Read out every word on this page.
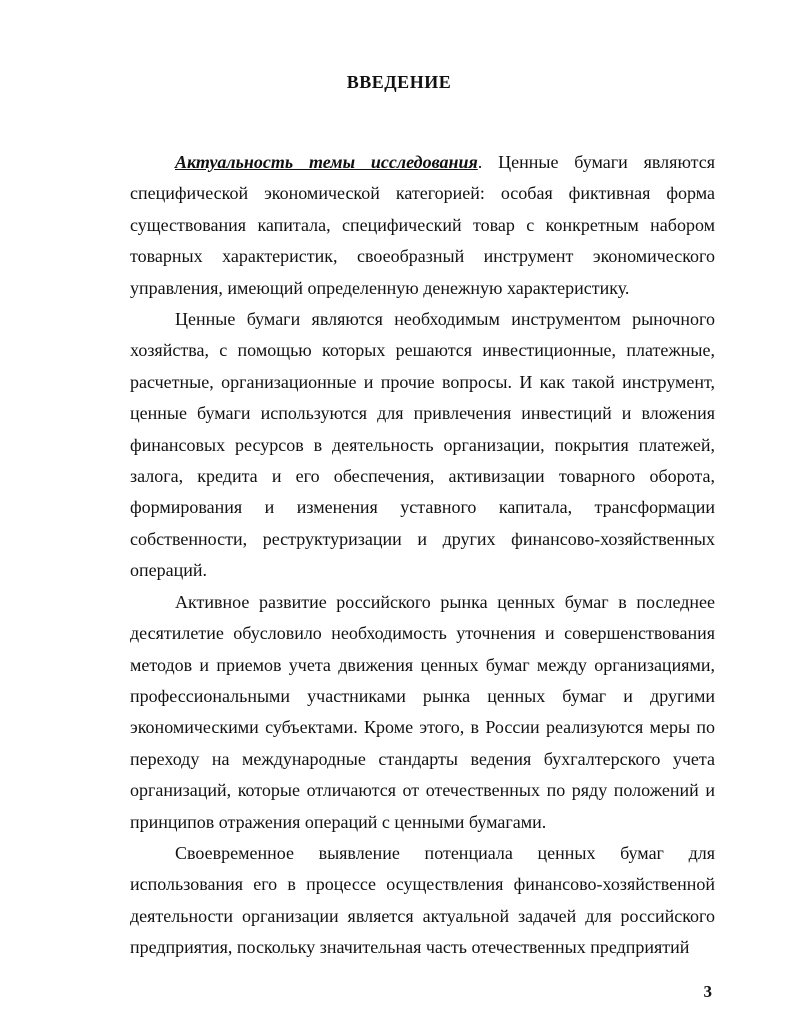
ВВЕДЕНИЕ

Актуальность темы исследования. Ценные бумаги являются специфической экономической категорией: особая фиктивная форма существования капитала, специфический товар с конкретным набором товарных характеристик, своеобразный инструмент экономического управления, имеющий определенную денежную характеристику.

Ценные бумаги являются необходимым инструментом рыночного хозяйства, с помощью которых решаются инвестиционные, платежные, расчетные, организационные и прочие вопросы. И как такой инструмент, ценные бумаги используются для привлечения инвестиций и вложения финансовых ресурсов в деятельность организации, покрытия платежей, залога, кредита и его обеспечения, активизации товарного оборота, формирования и изменения уставного капитала, трансформации собственности, реструктуризации и других финансово-хозяйственных операций.

Активное развитие российского рынка ценных бумаг в последнее десятилетие обусловило необходимость уточнения и совершенствования методов и приемов учета движения ценных бумаг между организациями, профессиональными участниками рынка ценных бумаг и другими экономическими субъектами. Кроме этого, в России реализуются меры по переходу на международные стандарты ведения бухгалтерского учета организаций, которые отличаются от отечественных по ряду положений и принципов отражения операций с ценными бумагами.

Своевременное выявление потенциала ценных бумаг для использования его в процессе осуществления финансово-хозяйственной деятельности организации является актуальной задачей для российского предприятия, поскольку значительная часть отечественных предприятий

3
